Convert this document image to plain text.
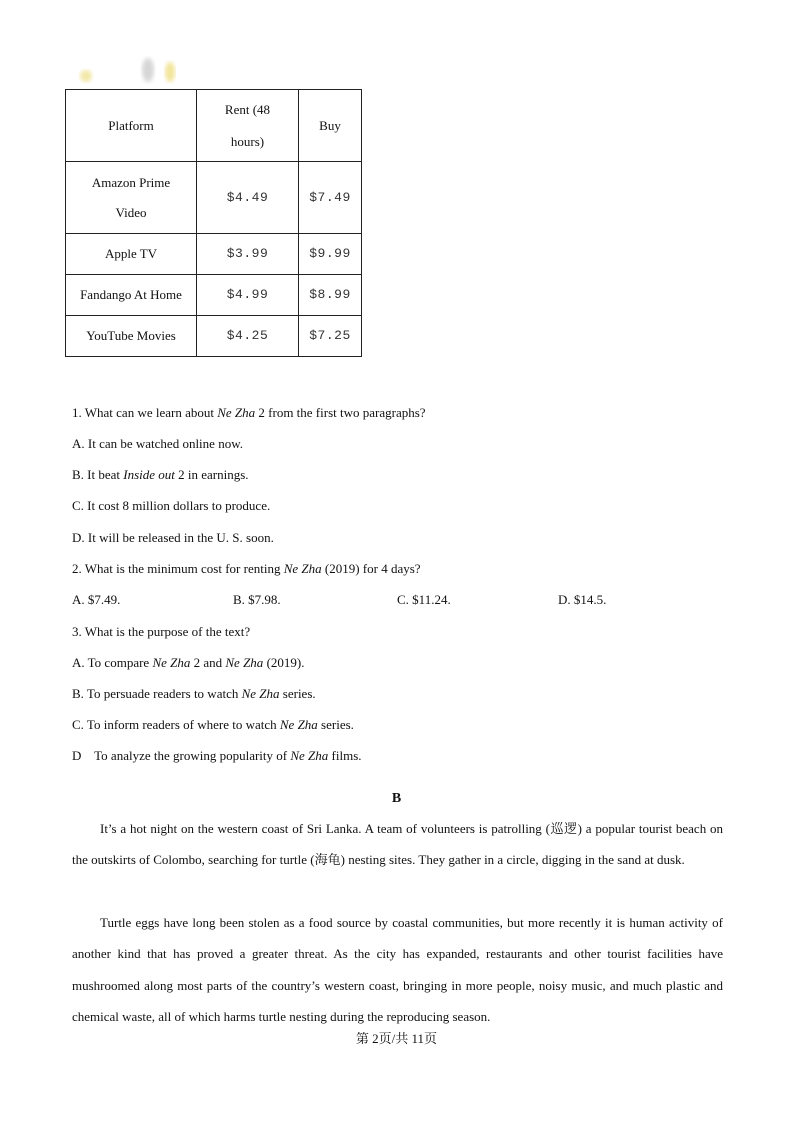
Platform	Rent (48 hours)	Buy
Amazon Prime Video	$4.49	$7.49
Apple TV	$3.99	$9.99
Fandango At Home	$4.99	$8.99
YouTube Movies	$4.25	$7.25
1. What can we learn about Ne Zha 2 from the first two paragraphs?
A. It can be watched online now.
B. It beat Inside out 2 in earnings.
C. It cost 8 million dollars to produce.
D. It will be released in the U. S. soon.
2. What is the minimum cost for renting Ne Zha (2019) for 4 days?
A. $7.49.	B. $7.98.	C. $11.24.	D. $14.5.
3. What is the purpose of the text?
A. To compare Ne Zha 2 and Ne Zha (2019).
B. To persuade readers to watch Ne Zha series.
C. To inform readers of where to watch Ne Zha series.
D    To analyze the growing popularity of Ne Zha films.
B

It’s a hot night on the western coast of Sri Lanka. A team of volunteers is patrolling (巡逻) a popular tourist beach on the outskirts of Colombo, searching for turtle (海龟) nesting sites. They gather in a circle, digging in the sand at dusk.

Turtle eggs have long been stolen as a food source by coastal communities, but more recently it is human activity of another kind that has proved a greater threat. As the city has expanded, restaurants and other tourist facilities have mushroomed along most parts of the country’s western coast, bringing in more people, noisy music, and much plastic and chemical waste, all of which harms turtle nesting during the reproducing season.

第 2页/共 11页
